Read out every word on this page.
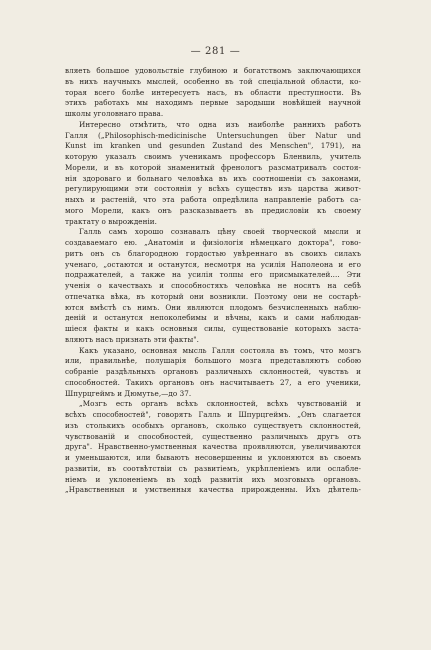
— 281 —
вляеть большое удовольствіе глубиною и богатствомъ заключающихся
въ нихъ научныхъ мыслей, особенно въ той спеціальной области, ко-
торая всего болѣе интересуетъ насъ, въ области преступности. Въ
этихъ работахъ мы находимъ первые зародыши новѣйшей научной
школы уголовнаго права.
Интересно отмѣтить, что одна изъ наиболѣе раннихъ работъ
Галля („Philosophisch-medicinische Untersuchungen über Natur und
Kunst im kranken und gesunden Zustand des Menschen", 1791), на
которую указалъ своимъ ученикамъ профессоръ Бленвиль, учитель
Морели, и въ которой знаменитый френологъ разсматривалъ состоя-
нія здороваго и больнаго человѣка въ ихъ соотношеніи съ законами,
регулирующими эти состоянія у всѣхъ существъ изъ царства живот-
ныхъ и растеній, что эта работа опредѣлила направленіе работъ са-
мого Морели, какъ онъ разсказываетъ въ предисловіи къ своему
трактату о вырожденіи.
Галль самъ хорошо сознавалъ цѣну своей творческой мысли и
создаваемаго ею. „Анатомія и физіологія нѣмецкаго доктора", гово-
ритъ онъ съ благородною гордостью увѣреннаго въ своихъ силахъ
ученаго, „остаются и останутся, несмотря на усилія Наполеона и его
подражателей, а также на усилія толпы его присмыкателей.... Эти
ученія о качествахъ и способностяхъ человѣка не носятъ на себѣ
отпечатка вѣка, въ который они возникли. Поэтому они не состарѣ-
ются вмѣстѣ съ нимъ. Они являются плодомъ безчисленныхъ наблю-
деній и останутся непоколебимы и вѣчны, какъ и сами наблюдав-
шіеся факты и какъ основныя силы, существованіе которыхъ заста-
вляютъ насъ признать эти факты".
Какъ указано, основная мысль Галля состояла въ томъ, что мозгъ
или, правильнѣе, полушарія большого мозга представляютъ собою
собраніе раздѣльныхъ органовъ различныхъ склонностей, чувствъ и
способностей. Такихъ органовъ онъ насчитываетъ 27, а его ученики,
Шпурцгеймъ и Дюмутье,—до 37.
„Мозгъ есть органъ всѣхъ склонностей, всѣхъ чувствованій и
всѣхъ способностей", говорятъ Галль и Шпурцгеймъ. „Онъ слагается
изъ столькихъ особыхъ органовъ, сколько существуетъ склонностей,
чувствованій и способностей, существенно различныхъ другъ отъ
друга". Нравственно-умственныя качества проявляются, увеличиваются
и уменьшаются, или бываютъ несовершенны и уклоняются въ своемъ
развитіи, въ соотвѣтствіи съ развитіемъ, укрѣпленіемъ или ослабле-
ніемъ и уклоненіемъ въ ходѣ развитія ихъ мозговыхъ органовъ.
„Нравственныя и умственныя качества прирожденны. Ихъ дѣятель-
